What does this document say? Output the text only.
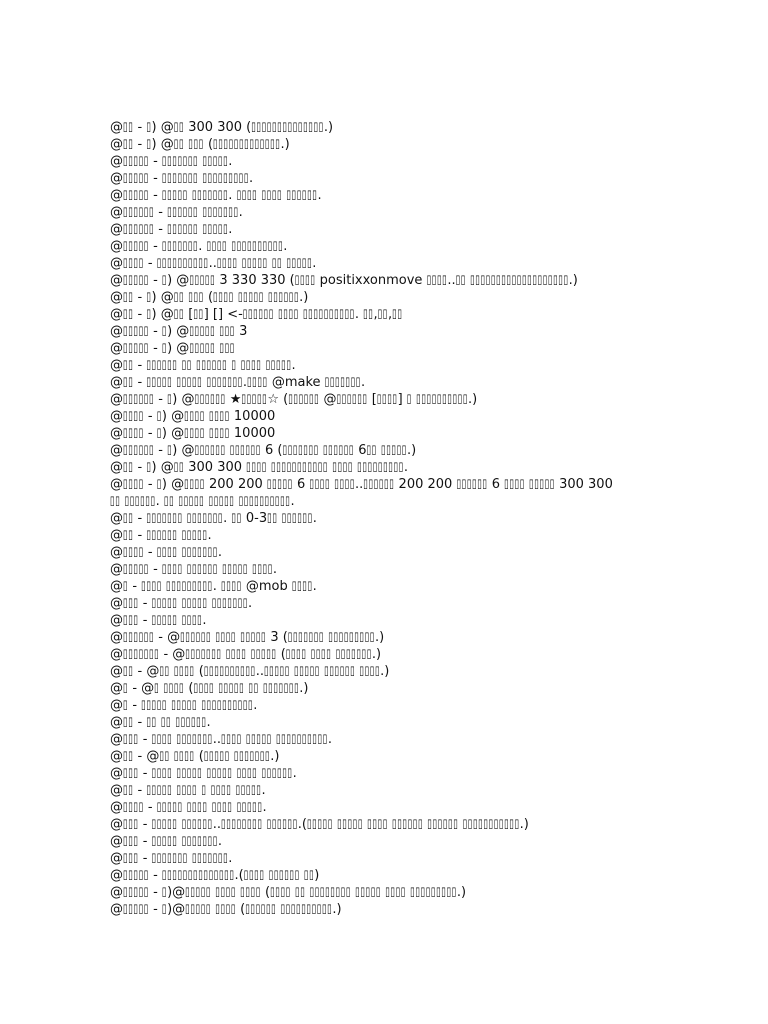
@▯▯ - ▯) @▯▯ 300 300 (▯▯▯▯▯▯▯▯▯▯▯▯▯▯.)
@▯▯ - ▯) @▯▯ ▯▯▯ (▯▯▯▯▯▯▯▯▯▯▯▯▯.)
@▯▯▯▯▯ - ▯▯▯▯▯▯▯ ▯▯▯▯▯.
@▯▯▯▯▯ - ▯▯▯▯▯▯▯ ▯▯▯▯▯▯▯▯▯.
@▯▯▯▯▯ - ▯▯▯▯▯ ▯▯▯▯▯▯▯. ▯▯▯▯ ▯▯▯▯ ▯▯▯▯▯▯.
@▯▯▯▯▯▯ - ▯▯▯▯▯▯ ▯▯▯▯▯▯▯.
@▯▯▯▯▯▯ - ▯▯▯▯▯▯ ▯▯▯▯▯.
@▯▯▯▯▯ - ▯▯▯▯▯▯▯. ▯▯▯▯ ▯▯▯▯▯▯▯▯▯▯.
@▯▯▯▯ - ▯▯▯▯▯▯▯▯▯▯..▯▯▯▯ ▯▯▯▯▯ ▯▯ ▯▯▯▯▯.
@▯▯▯▯▯ - ▯) @▯▯▯▯▯ 3 330 330 (▯▯▯▯ positixxonmove ▯▯▯▯..▯▯ ▯▯▯▯▯▯▯▯▯▯▯▯▯▯▯▯▯▯▯.)
@▯▯ - ▯) @▯▯ ▯▯▯ (▯▯▯▯ ▯▯▯▯▯ ▯▯▯▯▯▯.)
@▯▯ - ▯) @▯▯ [▯▯] [] <-▯▯▯▯▯▯ ▯▯▯▯ ▯▯▯▯▯▯▯▯▯▯. ▯▯,▯▯,▯▯
@▯▯▯▯▯ - ▯) @▯▯▯▯▯ ▯▯▯ 3
@▯▯▯▯▯ - ▯) @▯▯▯▯▯ ▯▯▯
@▯▯ - ▯▯▯▯▯▯ ▯▯ ▯▯▯▯▯▯ ▯ ▯▯▯▯ ▯▯▯▯▯.
@▯▯ - ▯▯▯▯▯ ▯▯▯▯▯ ▯▯▯▯▯▯▯.▯▯▯▯ @make ▯▯▯▯▯▯▯.
@▯▯▯▯▯▯ - ▯) @▯▯▯▯▯▯ ★▯▯▯▯▯☆ (▯▯▯▯▯▯ @▯▯▯▯▯▯ [▯▯▯▯] ▯ ▯▯▯▯▯▯▯▯▯▯.)
@▯▯▯▯ - ▯) @▯▯▯▯ ▯▯▯▯ 10000
@▯▯▯▯ - ▯) @▯▯▯▯ ▯▯▯▯ 10000
@▯▯▯▯▯▯ - ▯) @▯▯▯▯▯▯ ▯▯▯▯▯▯ 6 (▯▯▯▯▯▯▯ ▯▯▯▯▯▯ 6▯▯ ▯▯▯▯▯.)
@▯▯ - ▯) @▯▯ 300 300 ▯▯▯▯ ▯▯▯▯▯▯▯▯▯▯▯ ▯▯▯▯ ▯▯▯▯▯▯▯▯▯.
@▯▯▯▯ - ▯) @▯▯▯▯ 200 200 ▯▯▯▯▯ 6 ▯▯▯▯ ▯▯▯▯..▯▯▯▯▯▯ 200 200 ▯▯▯▯▯▯ 6 ▯▯▯▯ ▯▯▯▯▯ 300 300
▯▯ ▯▯▯▯▯▯. ▯▯ ▯▯▯▯▯ ▯▯▯▯▯ ▯▯▯▯▯▯▯▯▯▯.
@▯▯ - ▯▯▯▯▯▯▯ ▯▯▯▯▯▯▯. ▯▯ 0-3▯▯ ▯▯▯▯▯▯.
@▯▯ - ▯▯▯▯▯▯ ▯▯▯▯▯.
@▯▯▯▯ - ▯▯▯▯ ▯▯▯▯▯▯▯.
@▯▯▯▯▯ - ▯▯▯▯ ▯▯▯▯▯▯ ▯▯▯▯▯ ▯▯▯▯.
@▯ - ▯▯▯▯ ▯▯▯▯▯▯▯▯▯. ▯▯▯▯ @mob ▯▯▯▯.
@▯▯▯ - ▯▯▯▯▯ ▯▯▯▯▯ ▯▯▯▯▯▯▯.
@▯▯▯ - ▯▯▯▯▯ ▯▯▯▯.
@▯▯▯▯▯▯ - @▯▯▯▯▯▯ ▯▯▯▯ ▯▯▯▯▯ 3 (▯▯▯▯▯▯▯ ▯▯▯▯▯▯▯▯▯.)
@▯▯▯▯▯▯▯ - @▯▯▯▯▯▯▯ ▯▯▯▯ ▯▯▯▯▯ (▯▯▯▯ ▯▯▯▯ ▯▯▯▯▯▯▯.)
@▯▯ - @▯▯ ▯▯▯▯ (▯▯▯▯▯▯▯▯▯▯..▯▯▯▯▯ ▯▯▯▯▯ ▯▯▯▯▯▯ ▯▯▯▯.)
@▯ - @▯ ▯▯▯▯ (▯▯▯▯ ▯▯▯▯▯ ▯▯ ▯▯▯▯▯▯▯.)
@▯ - ▯▯▯▯▯ ▯▯▯▯▯ ▯▯▯▯▯▯▯▯▯▯.
@▯▯ - ▯▯ ▯▯ ▯▯▯▯▯▯.
@▯▯▯ - ▯▯▯▯ ▯▯▯▯▯▯▯..▯▯▯▯ ▯▯▯▯▯ ▯▯▯▯▯▯▯▯▯▯.
@▯▯ - @▯▯ ▯▯▯▯ (▯▯▯▯▯ ▯▯▯▯▯▯▯.)
@▯▯▯ - ▯▯▯▯ ▯▯▯▯▯ ▯▯▯▯▯ ▯▯▯▯ ▯▯▯▯▯▯.
@▯▯ - ▯▯▯▯▯ ▯▯▯▯ ▯ ▯▯▯▯ ▯▯▯▯▯.
@▯▯▯▯ - ▯▯▯▯▯ ▯▯▯▯ ▯▯▯▯ ▯▯▯▯▯.
@▯▯▯ - ▯▯▯▯▯ ▯▯▯▯▯▯..▯▯▯▯▯▯▯▯ ▯▯▯▯▯▯.(▯▯▯▯▯ ▯▯▯▯▯ ▯▯▯▯ ▯▯▯▯▯▯ ▯▯▯▯▯▯ ▯▯▯▯▯▯▯▯▯▯▯.)
@▯▯▯ - ▯▯▯▯▯ ▯▯▯▯▯▯▯.
@▯▯▯ - ▯▯▯▯▯▯▯ ▯▯▯▯▯▯▯.
@▯▯▯▯▯ - ▯▯▯▯▯▯▯▯▯▯▯▯▯▯.(▯▯▯▯ ▯▯▯▯▯▯ ▯▯)
@▯▯▯▯▯ - ▯)@▯▯▯▯▯ ▯▯▯▯ ▯▯▯▯ (▯▯▯▯ ▯▯ ▯▯▯▯▯▯▯▯ ▯▯▯▯▯ ▯▯▯▯ ▯▯▯▯▯▯▯▯▯.)
@▯▯▯▯▯ - ▯)@▯▯▯▯▯ ▯▯▯▯ (▯▯▯▯▯▯ ▯▯▯▯▯▯▯▯▯▯.)
